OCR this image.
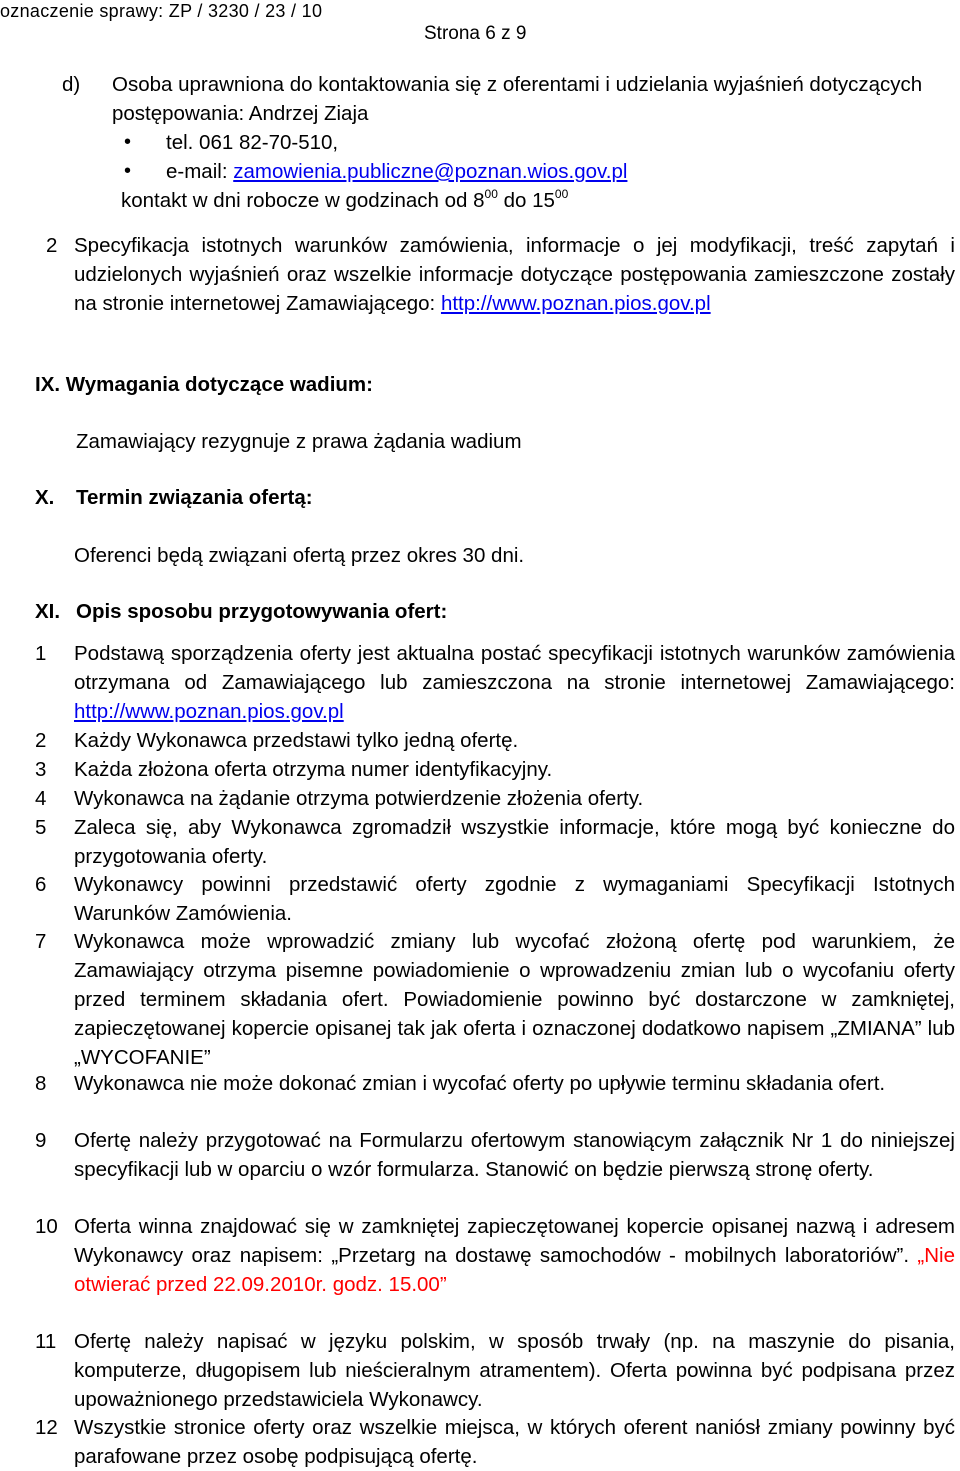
oznaczenie sprawy: ZP / 3230 / 23 / 10
Strona 6 z 9
d) Osoba uprawniona do kontaktowania się z oferentami i udzielania wyjaśnień dotyczących postępowania: Andrzej Ziaja
• tel. 061 82-70-510,
• e-mail: zamowienia.publiczne@poznan.wios.gov.pl
kontakt w dni robocze w godzinach od $8^{00}$ do $15^{00}$
2 Specyfikacja istotnych warunków zamówienia, informacje o jej modyfikacji, treść zapytań i udzielonych wyjaśnień oraz wszelkie informacje dotyczące postępowania zamieszczone zostały na stronie internetowej Zamawiającego: http://www.poznan.pios.gov.pl
IX. Wymagania dotyczące wadium:
Zamawiający rezygnuje z prawa żądania wadium
X. Termin związania ofertą:
Oferenci będą związani ofertą przez okres 30 dni.
XI. Opis sposobu przygotowywania ofert:
1	Podstawą sporządzenia oferty jest aktualna postać specyfikacji istotnych warunków zamówienia otrzymana od Zamawiającego lub zamieszczona na stronie internetowej Zamawiającego: http://www.poznan.pios.gov.pl
2	Każdy Wykonawca przedstawi tylko jedną ofertę.
3	Każda złożona oferta otrzyma numer identyfikacyjny.
4	Wykonawca na żądanie otrzyma potwierdzenie złożenia oferty.
5	Zaleca się, aby Wykonawca zgromadził wszystkie informacje, które mogą być konieczne do przygotowania oferty.
6	Wykonawcy powinni przedstawić oferty zgodnie z wymaganiami Specyfikacji Istotnych Warunków Zamówienia.
7	Wykonawca może wprowadzić zmiany lub wycofać złożoną ofertę pod warunkiem, że Zamawiający otrzyma pisemne powiadomienie o wprowadzeniu zmian lub o wycofaniu oferty przed terminem składania ofert. Powiadomienie powinno być dostarczone w zamkniętej, zapieczętowanej kopercie opisanej tak jak oferta i oznaczonej dodatkowo napisem „ZMIANA” lub „WYCOFANIE”
8	Wykonawca nie może dokonać zmian i wycofać oferty po upływie terminu składania ofert.
9	Ofertę należy przygotować na Formularzu ofertowym stanowiącym załącznik Nr 1 do niniejszej specyfikacji lub w oparciu o wzór formularza. Stanowić on będzie pierwszą stronę oferty.
10 Oferta winna znajdować się w zamkniętej zapieczętowanej kopercie opisanej nazwą i adresem Wykonawcy oraz napisem: „Przetarg na dostawę samochodów - mobilnych laboratoriów”. „Nie otwierać przed 22.09.2010r. godz. 15.00”
11 Ofertę należy napisać w języku polskim, w sposób trwały (np. na maszynie do pisania, komputerze, długopisem lub nieścieralnym atramentem). Oferta powinna być podpisana przez upoważnionego przedstawiciela Wykonawcy.
12 Wszystkie stronice oferty oraz wszelkie miejsca, w których oferent naniósł zmiany powinny być parafowane przez osobę podpisującą ofertę.
